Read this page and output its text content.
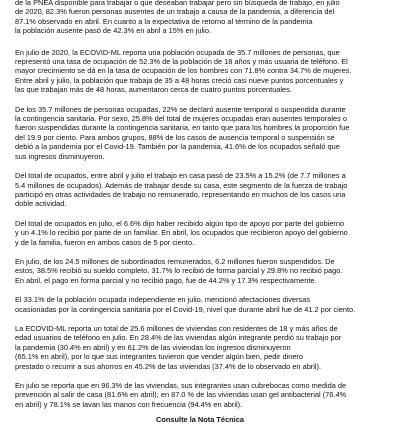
de la PNEA disponible para trabajar o que deseaban trabajar pero sin búsqueda de trabajo, en julio
de 2020, 82.3% fueron personas ausentes de un trabajo a causa de la pandemia, a diferencia del
87.1% observado en abril. En cuanto a la expectativa de retorno al término de la pandemia
la población ausente pasó de 42.3% en abril a 15% en julio.

En julio de 2020, la ECOVID-ML reporta una población ocupada de 35.7 millones de personas, que
representó una tasa de ocupación de 52.3% de la población de 18 años y más usuaria de teléfono. El
mayor crecimiento se dá en la tasa de ocupación de los hombres con 71.8% contra 34.7% de mujeres.
Entre abril y julio, la población que trabaja de 35 a 48 horas creció casi nueve puntos porcentuales y
las que trabajan más de 48 horas, aumentaron cerca de cuatro puntos porcentuales.

De los 35.7 millones de personas ocupadas, 22% se declaró ausente temporal o suspendida durante
la contingencia sanitaria. Por sexo, 25.8% del total de mujeres ocupadas eran ausentes temporales o
fueron suspendidas durante la contingencia sanitaria, en tanto que para los hombres la proporción fue
del 19.9 por ciento. Para ambos grupos, 88% de los casos de ausencia temporal o suspensión se
debió a la pandemia por el Covid-19. También por la pandemia, 41.6% de los ocupados señaló que
sus ingresos disminuyeron.

Del total de ocupados, entre abril y julio el trabajo en casa pasó de 23.5% a 15.2% (de 7.7 millones a
5.4 millones de ocupados). Además de trabajar desde su casa, este segmento de la fuerza de trabajo
participó en otras actividades de trabajo no remunerado, representando en muchos de los casos una
doble actividad.

Del total de ocupados en julio, el 6.6% dijo haber recibido algún tipo de apoyo por parte del gobierno
y un 4.1% lo recibió por parte de un familiar. En abril, los ocupados que recibieron apoyo del gobierno
y de la familia, fueron en ambos casos de 5 por ciento.

En julio, de los 24.5 millones de subordinados remunerados, 6.2 millones fueron suspendidos. De
estos, 38.5% recibió su sueldo completo, 31.7% lo recibió de forma parcial y 29.8% no recibió pago.
En abril, el pago en forma parcial y no recibió pago, fue de 44.2% y 17.3% respectivamente.

El 33.1% de la población ocupada independiente en julio, mencionó afectaciones diversas
ocasionadas por la contingencia sanitaria por el Covid-19, nivel que durante abril fue de 41.2 por ciento.

La ECOVID-ML reporta un total de 25.6 millones de viviendas con residentes de 18 y más años de
edad usuarios de teléfono en julio. En 28.4% de las viviendas algún integrante perdió su trabajo por
la pandemia (30.4% en abril) y en 61.2% de las viviendas los ingresos disminuyeron
(65.1% en abril), por lo que sus integrantes tuvieron que vender algún bien, pedir dinero
prestado o recurrir a sus ahorros en 45.2% de las viviendas (37.4% de lo observado en abril).

En julio se reporta que en 96.3% de las viviendas, sus integrantes usan cubrebocas como medida de
prevención al salir de casa (81.6% en abril); en 87.0 % de las viviendas usan gel antibacterial (76.4%
en abril) y 78.1% se lavan las manos con frecuencia (94.4% en abril).

Consulte la Nota Técnica
